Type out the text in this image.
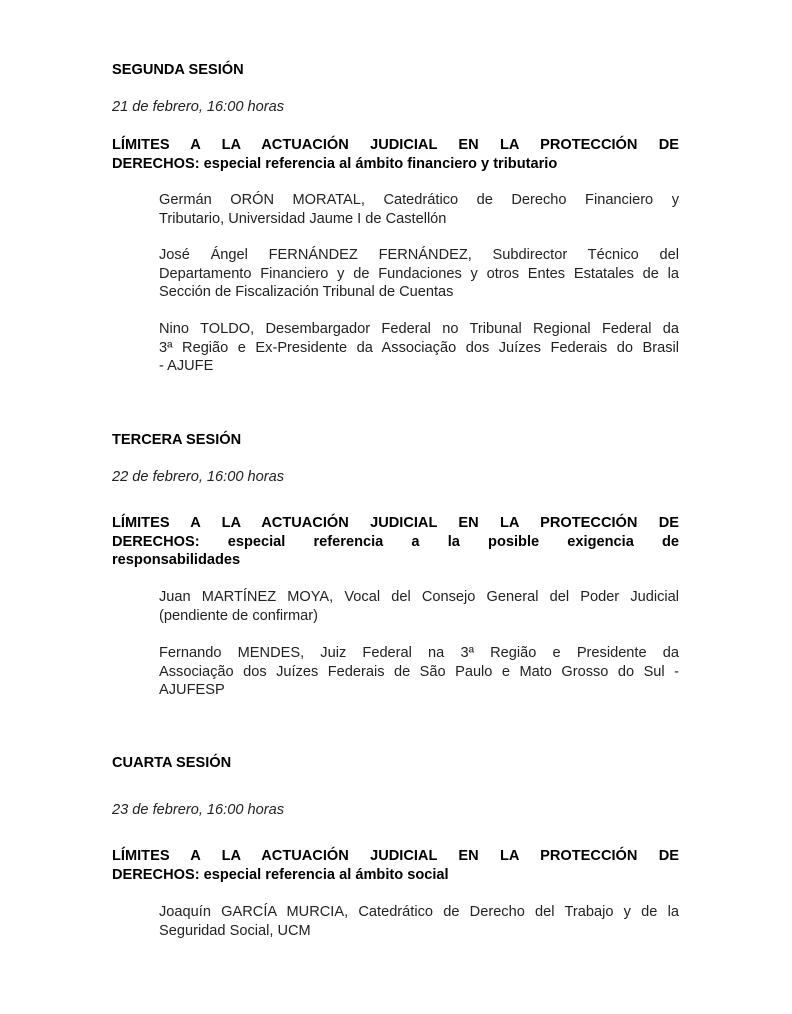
SEGUNDA SESIÓN
21 de febrero, 16:00 horas
LÍMITES A LA ACTUACIÓN JUDICIAL EN LA PROTECCIÓN DE
DERECHOS: especial referencia al ámbito financiero y tributario
Germán ORÓN MORATAL, Catedrático de Derecho Financiero y
Tributario, Universidad Jaume I de Castellón
José Ángel FERNÁNDEZ FERNÁNDEZ, Subdirector Técnico del
Departamento Financiero y de Fundaciones y otros Entes Estatales de la
Sección de Fiscalización Tribunal de Cuentas
Nino TOLDO, Desembargador Federal no Tribunal Regional Federal da
3ª Região e Ex-Presidente da Associação dos Juízes Federais do Brasil
- AJUFE
TERCERA SESIÓN
22 de febrero, 16:00 horas
LÍMITES A LA ACTUACIÓN JUDICIAL EN LA PROTECCIÓN DE
DERECHOS: especial referencia a la posible exigencia de
responsabilidades
Juan MARTÍNEZ MOYA, Vocal del Consejo General del Poder Judicial
(pendiente de confirmar)
Fernando MENDES, Juiz Federal na 3ª Região e Presidente da
Associação dos Juízes Federais de São Paulo e Mato Grosso do Sul -
AJUFESP
CUARTA SESIÓN
23 de febrero, 16:00 horas
LÍMITES A LA ACTUACIÓN JUDICIAL EN LA PROTECCIÓN DE
DERECHOS: especial referencia al ámbito social
Joaquín GARCÍA MURCIA, Catedrático de Derecho del Trabajo y de la
Seguridad Social, UCM
